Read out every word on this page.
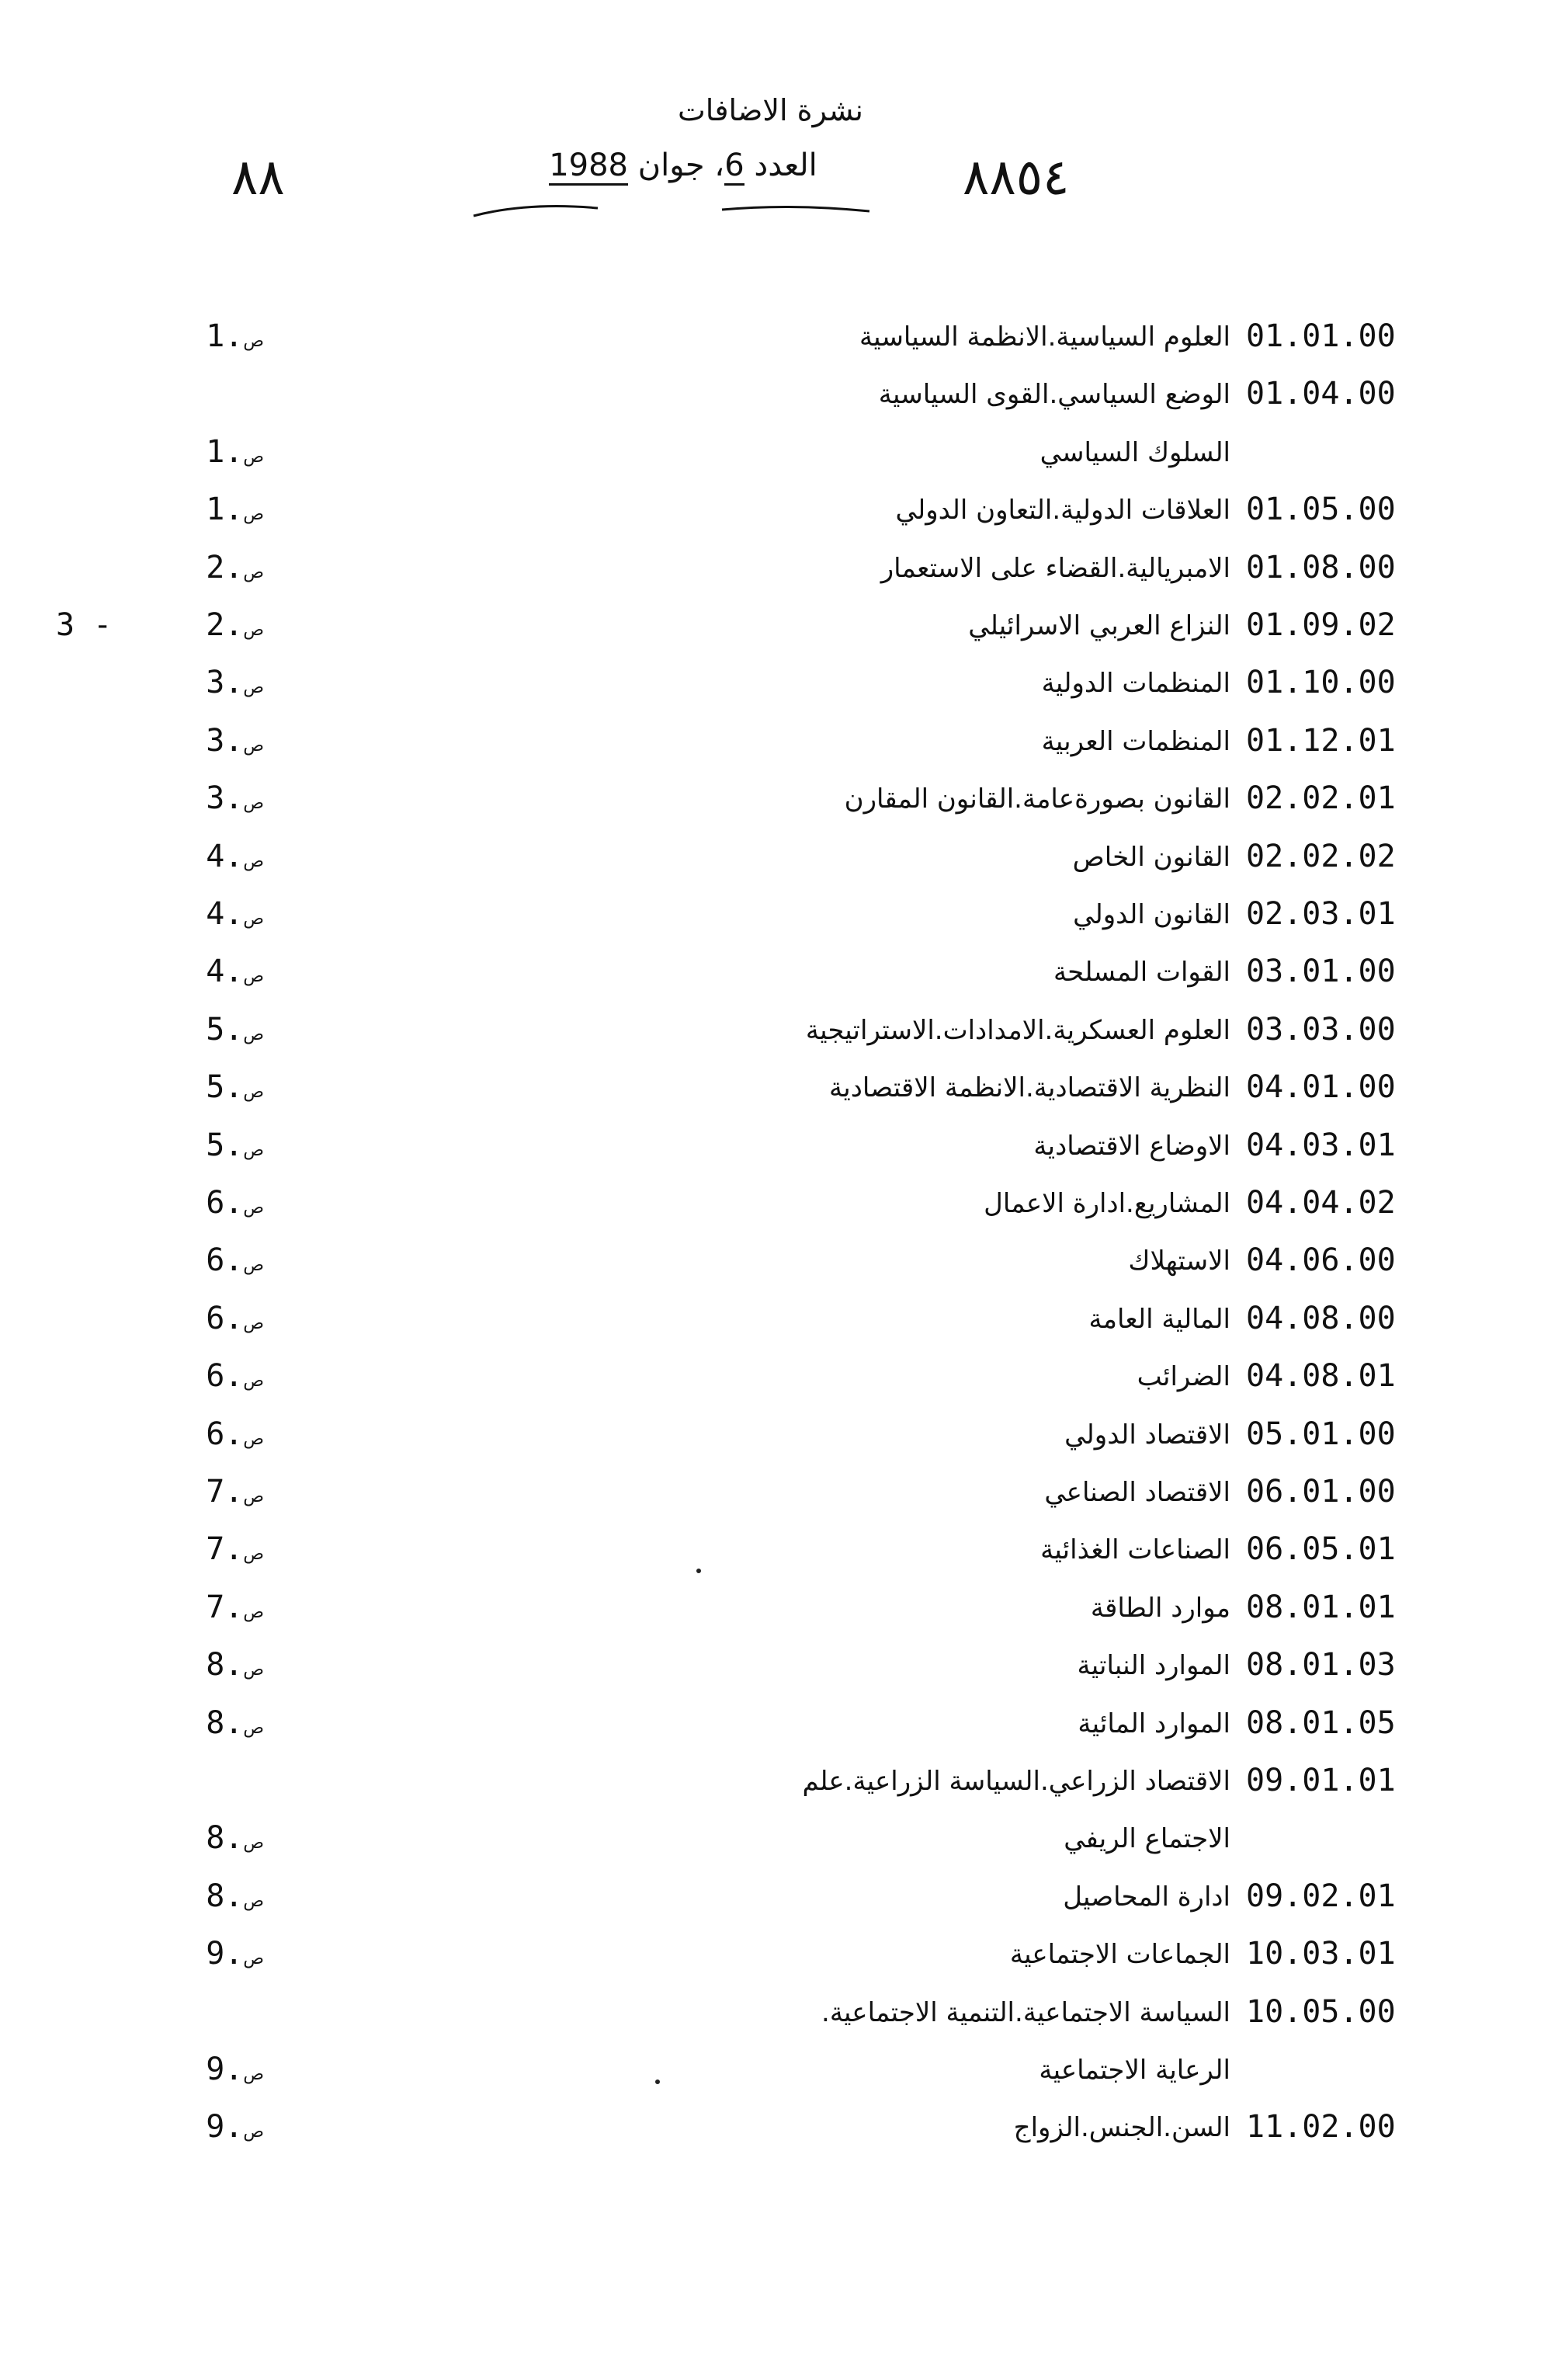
نشرة الاضافات
٨٨	العدد 6، جوان 1988	٨٨٥٤
01.01.00
العلوم السياسية.الانظمة السياسية
ص.1
01.04.00
الوضع السياسي.القوى السياسية
السلوك السياسي
ص.1
01.05.00
العلاقات الدولية.التعاون الدولي
ص.1
01.08.00
الامبريالية.القضاء على الاستعمار
ص.2
01.09.02
النزاع العربي الاسرائيلي
ص.2
3 -
01.10.00
المنظمات الدولية
ص.3
01.12.01
المنظمات العربية
ص.3
02.02.01
القانون بصورةعامة.القانون المقارن
ص.3
02.02.02
القانون الخاص
ص.4
02.03.01
القانون الدولي
ص.4
03.01.00
القوات المسلحة
ص.4
03.03.00
العلوم العسكرية.الامدادات.الاستراتيجية
ص.5
04.01.00
النظرية الاقتصادية.الانظمة الاقتصادية
ص.5
04.03.01
الاوضاع الاقتصادية
ص.5
04.04.02
المشاريع.ادارة الاعمال
ص.6
04.06.00
الاستهلاك
ص.6
04.08.00
المالية العامة
ص.6
04.08.01
الضرائب
ص.6
05.01.00
الاقتصاد الدولي
ص.6
06.01.00
الاقتصاد الصناعي
ص.7
06.05.01
الصناعات الغذائية
ص.7
08.01.01
موارد الطاقة
ص.7
08.01.03
الموارد النباتية
ص.8
08.01.05
الموارد المائية
ص.8
09.01.01
الاقتصاد الزراعي.السياسة الزراعية.علم
الاجتماع الريفي
ص.8
09.02.01
ادارة المحاصيل
ص.8
10.03.01
الجماعات الاجتماعية
ص.9
10.05.00
السياسة الاجتماعية.التنمية الاجتماعية.
الرعاية الاجتماعية
ص.9
11.02.00
السن.الجنس.الزواج
ص.9
